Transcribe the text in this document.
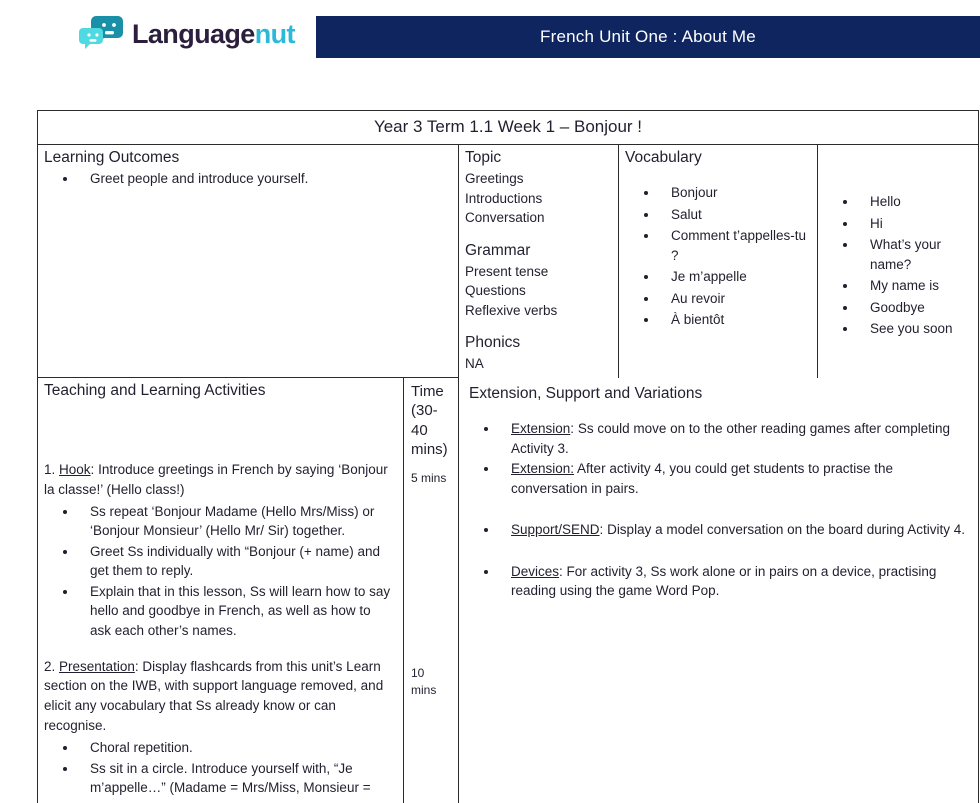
Languagenut	French Unit One : About Me
Year 3 Term 1.1 Week 1 – Bonjour !
Learning Outcomes
• Greet people and introduce yourself.
Topic
Greetings
Introductions
Conversation
Grammar
Present tense
Questions
Reflexive verbs
Phonics
NA
Vocabulary
• Bonjour
• Salut
• Comment t’appelles-tu ?
• Je m’appelle
• Au revoir
• À bientôt
• Hello
• Hi
• What’s your name?
• My name is
• Goodbye
• See you soon
Teaching and Learning Activities

1. Hook: Introduce greetings in French by saying ‘Bonjour la classe!’ (Hello class!)

• Ss repeat ‘Bonjour Madame (Hello Mrs/Miss) or ‘Bonjour Monsieur’ (Hello Mr/ Sir) together.
• Greet Ss individually with “Bonjour (+ name) and get them to reply.
• Explain that in this lesson, Ss will learn how to say hello and goodbye in French, as well as how to ask each other’s names.

2. Presentation: Display flashcards from this unit’s Learn section on the IWB, with support language removed, and elicit any vocabulary that Ss already know or can recognise.

• Choral repetition.
• Ss sit in a circle. Introduce yourself with, “Je m’appelle…” (Madame = Mrs/Miss, Monsieur =
Time
(30-
40
mins)
5 mins
10 mins
Extension, Support and Variations
• Extension: Ss could move on to the other reading games after completing Activity 3.
• Extension: After activity 4, you could get students to practise the conversation in pairs.
• Support/SEND: Display a model conversation on the board during Activity 4.
• Devices: For activity 3, Ss work alone or in pairs on a device, practising reading using the game Word Pop.
